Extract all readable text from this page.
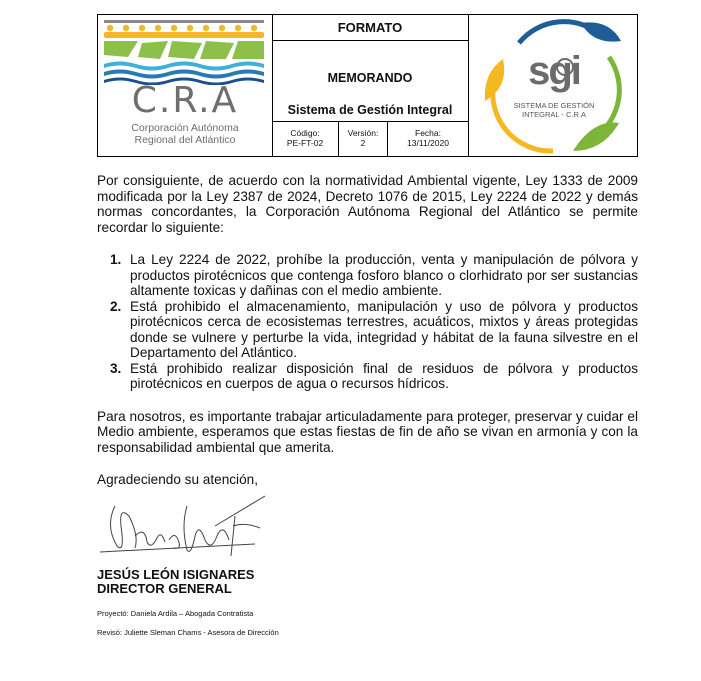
C.R.A
Corporación Autónoma
Regional del Atlántico
FORMATO
MEMORANDO
Sistema de Gestión Integral
Código:
PE-FT-02
Versión:
2
Fecha:
13/11/2020
sgi
SISTEMA DE GESTIÓN
INTEGRAL - C.R.A

Por consiguiente, de acuerdo con la normatividad Ambiental vigente, Ley 1333 de 2009 modificada por la Ley 2387 de 2024, Decreto 1076 de 2015, Ley 2224 de 2022 y demás normas concordantes, la Corporación Autónoma Regional del Atlántico se permite recordar lo siguiente:

1. La Ley 2224 de 2022, prohíbe la producción, venta y manipulación de pólvora y productos pirotécnicos que contenga fosforo blanco o clorhidrato por ser sustancias altamente toxicas y dañinas con el medio ambiente.
2. Está prohibido el almacenamiento, manipulación y uso de pólvora y productos pirotécnicos cerca de ecosistemas terrestres, acuáticos, mixtos y áreas protegidas donde se vulnere y perturbe la vida, integridad y hábitat de la fauna silvestre en el Departamento del Atlántico.
3. Está prohibido realizar disposición final de residuos de pólvora y productos pirotécnicos en cuerpos de agua o recursos hídricos.

Para nosotros, es importante trabajar articuladamente para proteger, preservar y cuidar el Medio ambiente, esperamos que estas fiestas de fin de año se vivan en armonía y con la responsabilidad ambiental que amerita.

Agradeciendo su atención,
JESÚS LEÓN ISIGNARES
DIRECTOR GENERAL
Proyectó: Daniela Ardila – Abogada Contratista
Revisó: Juliette Sleman Chams - Asesora de Dirección
